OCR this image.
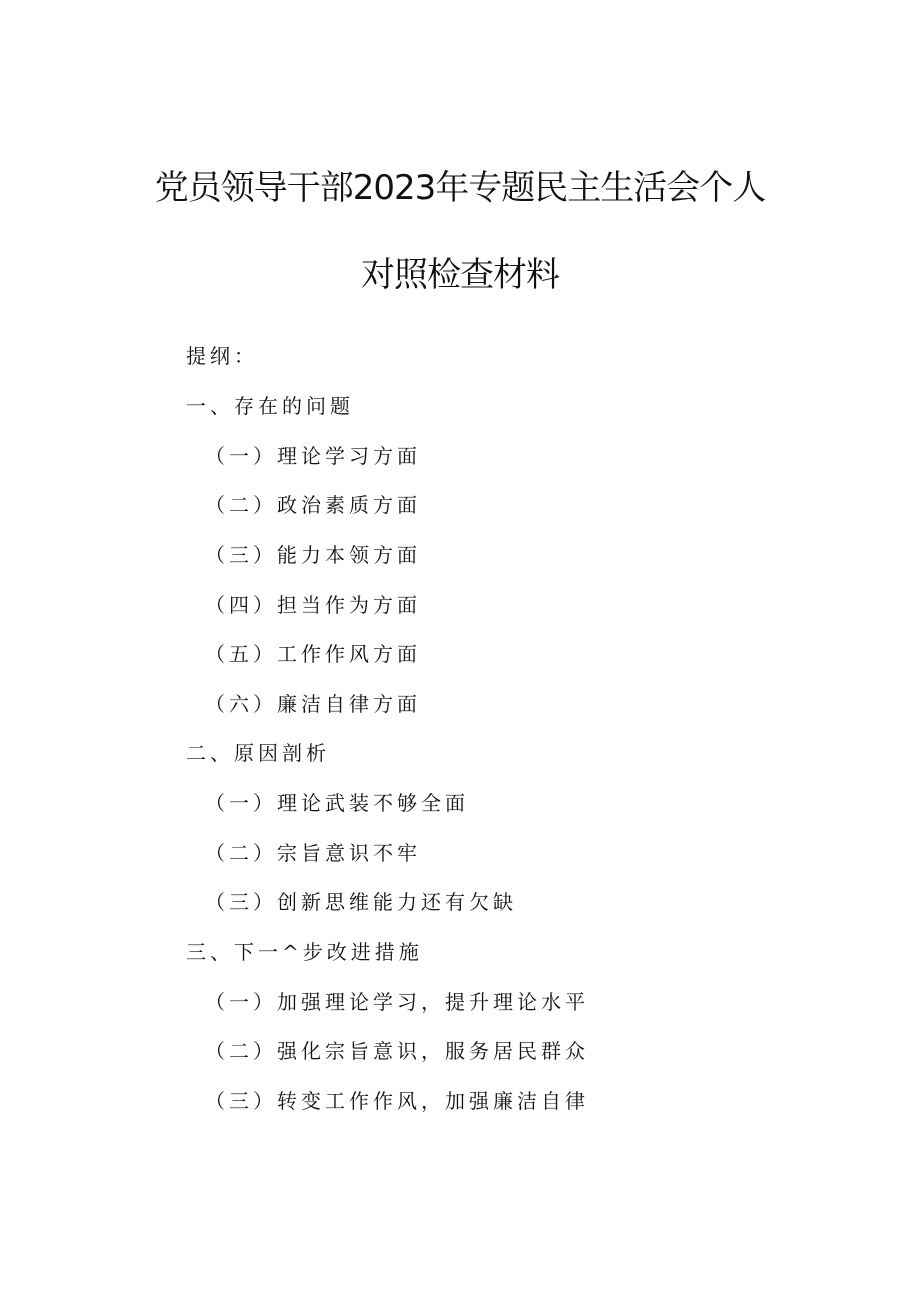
党员领导干部2023年专题民主生活会个人
对照检查材料
提纲：
一、存在的问题
（一）理论学习方面
（二）政治素质方面
（三）能力本领方面
（四）担当作为方面
（五）工作作风方面
（六）廉洁自律方面
二、原因剖析
（一）理论武装不够全面
（二）宗旨意识不牢
（三）创新思维能力还有欠缺
三、下一^步改进措施
（一）加强理论学习，提升理论水平
（二）强化宗旨意识，服务居民群众
（三）转变工作作风，加强廉洁自律
